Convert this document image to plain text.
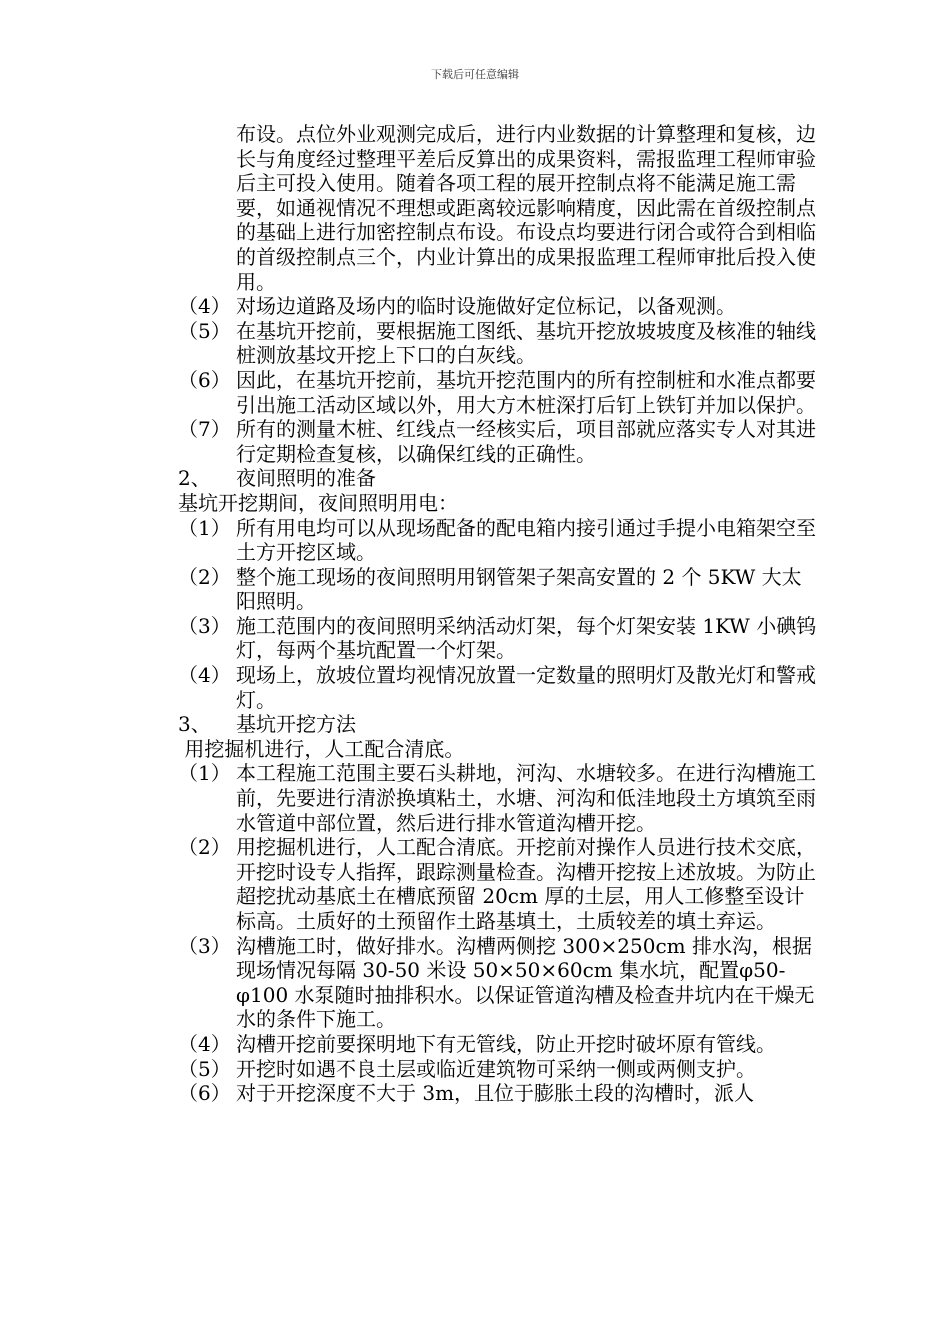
下载后可任意编辑

布设。点位外业观测完成后，进行内业数据的计算整理和复核，边长与角度经过整理平差后反算出的成果资料，需报监理工程师审验后主可投入使用。随着各项工程的展开控制点将不能满足施工需要，如通视情况不理想或距离较远影响精度，因此需在首级控制点的基础上进行加密控制点布设。布设点均要进行闭合或符合到相临的首级控制点三个，内业计算出的成果报监理工程师审批后投入使用。

（4） 对场边道路及场内的临时设施做好定位标记，以备观测。
（5） 在基坑开挖前，要根据施工图纸、基坑开挖放坡坡度及核准的轴线桩测放基坟开挖上下口的白灰线。
（6） 因此，在基坑开挖前，基坑开挖范围内的所有控制桩和水准点都要引出施工活动区域以外，用大方木桩深打后钉上铁钉并加以保护。
（7） 所有的测量木桩、红线点一经核实后，项目部就应落实专人对其进行定期检查复核，以确保红线的正确性。
2、	夜间照明的准备

基坑开挖期间，夜间照明用电：

（1） 所有用电均可以从现场配备的配电箱内接引通过手提小电箱架空至土方开挖区域。
（2） 整个施工现场的夜间照明用钢管架子架高安置的 2 个 5KW 大太阳照明。
（3） 施工范围内的夜间照明采纳活动灯架，每个灯架安装 1KW 小碘钨灯，每两个基坑配置一个灯架。
（4） 现场上，放坡位置均视情况放置一定数量的照明灯及散光灯和警戒灯。
3、	基坑开挖方法

用挖掘机进行，人工配合清底。

（1） 本工程施工范围主要石头耕地，河沟、水塘较多。在进行沟槽施工前，先要进行清淤换填粘土，水塘、河沟和低洼地段土方填筑至雨水管道中部位置，然后进行排水管道沟槽开挖。
（2） 用挖掘机进行，人工配合清底。开挖前对操作人员进行技术交底，开挖时设专人指挥，跟踪测量检查。沟槽开挖按上述放坡。为防止超挖扰动基底土在槽底预留 20cm 厚的土层，用人工修整至设计标高。土质好的土预留作土路基填土，土质较差的填土弃运。
（3） 沟槽施工时，做好排水。沟槽两侧挖 300×250cm 排水沟，根据现场情况每隔 30-50 米设 50×50×60cm 集水坑，配置φ50-φ100 水泵随时抽排积水。以保证管道沟槽及检查井坑内在干燥无水的条件下施工。
（4） 沟槽开挖前要探明地下有无管线，防止开挖时破坏原有管线。
（5） 开挖时如遇不良土层或临近建筑物可采纳一侧或两侧支护。
（6） 对于开挖深度不大于 3m，且位于膨胀土段的沟槽时，派人
